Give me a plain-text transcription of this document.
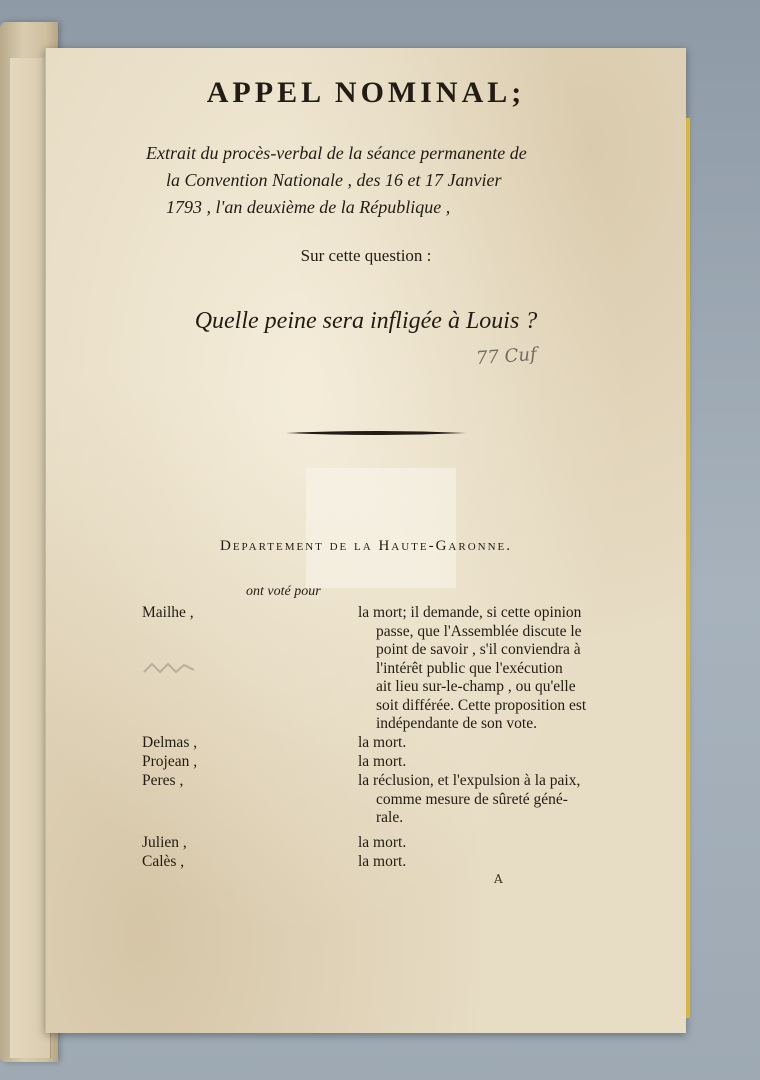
APPEL NOMINAL;
Extrait du procès-verbal de la séance permanente de
la Convention Nationale , des 16 et 17 Janvier
1793 , l'an deuxième de la République ,
Sur cette question :
Quelle peine sera infligée à Louis ?
77 Cuf
Departement de la Haute-Garonne.
ont voté pour
Mailhe ,	la mort; il demande, si cette opinion
passe, que l'Assemblée discute le
point de savoir , s'il conviendra à
l'intérêt public que l'exécution
ait lieu sur-le-champ , ou qu'elle
soit différée. Cette proposition est
indépendante de son vote.
Delmas ,	la mort.
Projean ,	la mort.
Peres ,	la réclusion, et l'expulsion à la paix,
comme mesure de sûreté géné-
rale.
Julien ,	la mort.
Calès ,	la mort.
A
